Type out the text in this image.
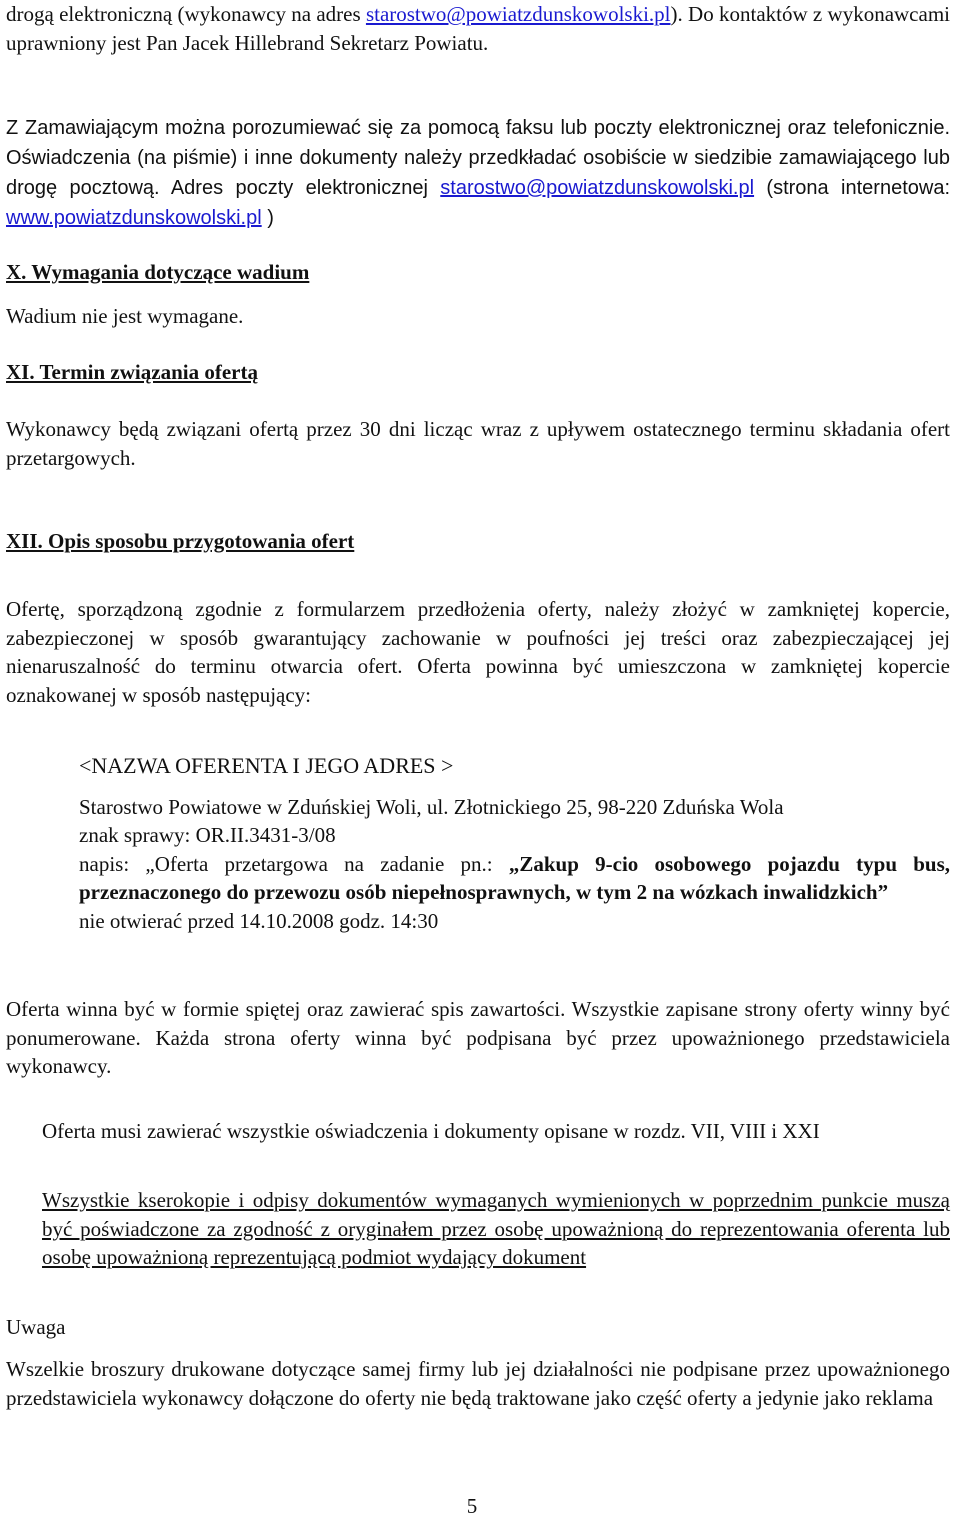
drogą elektroniczną (wykonawcy na adres starostwo@powiatzdunskowolski.pl). Do kontaktów z wykonawcami uprawniony jest Pan Jacek Hillebrand Sekretarz Powiatu.

Z Zamawiającym można porozumiewać się za pomocą faksu lub poczty elektronicznej oraz telefonicznie. Oświadczenia (na piśmie) i inne dokumenty należy przedkładać osobiście w siedzibie zamawiającego lub drogę pocztową. Adres poczty elektronicznej starostwo@powiatzdunskowolski.pl (strona internetowa: www.powiatzdunskowolski.pl )

X. Wymagania dotyczące wadium

Wadium nie jest wymagane.

XI. Termin związania ofertą

Wykonawcy będą związani ofertą przez 30 dni licząc wraz z upływem ostatecznego terminu składania ofert przetargowych.

XII. Opis sposobu przygotowania ofert

Ofertę, sporządzoną zgodnie z formularzem przedłożenia oferty, należy złożyć w zamkniętej kopercie, zabezpieczonej w sposób gwarantujący zachowanie w poufności jej treści oraz zabezpieczającej jej nienaruszalność do terminu otwarcia ofert. Oferta powinna być umieszczona w zamkniętej kopercie oznakowanej w sposób następujący:

<NAZWA OFERENTA I JEGO ADRES >

Starostwo Powiatowe w Zduńskiej Woli, ul. Złotnickiego 25, 98-220 Zduńska Wola

znak sprawy: OR.II.3431-3/08

napis: „Oferta przetargowa na zadanie pn.: „Zakup 9-cio osobowego pojazdu typu bus, przeznaczonego do przewozu osób niepełnosprawnych, w tym 2 na wózkach inwalidzkich”

nie otwierać przed 14.10.2008 godz. 14:30

Oferta winna być w formie spiętej oraz zawierać spis zawartości. Wszystkie zapisane strony oferty winny być ponumerowane. Każda strona oferty winna być podpisana być przez upoważnionego przedstawiciela wykonawcy.

Oferta musi zawierać wszystkie oświadczenia i dokumenty opisane w rozdz. VII, VIII i XXI

Wszystkie kserokopie i odpisy dokumentów wymaganych wymienionych w poprzednim punkcie muszą być poświadczone za zgodność z oryginałem przez osobę upoważnioną do reprezentowania oferenta lub osobę upoważnioną reprezentującą podmiot wydający dokument

Uwaga

Wszelkie broszury drukowane dotyczące samej firmy lub jej działalności nie podpisane przez upoważnionego przedstawiciela wykonawcy dołączone do oferty nie będą traktowane jako część oferty a jedynie jako reklama

5
